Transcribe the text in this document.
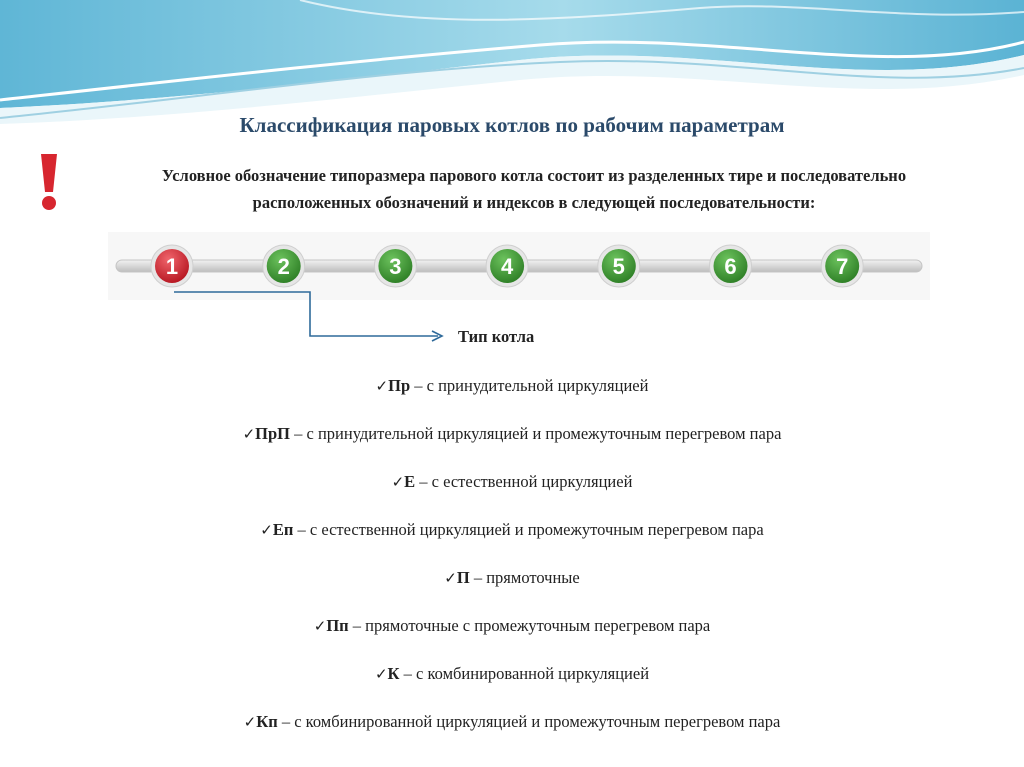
Классификация паровых котлов по рабочим параметрам
Условное обозначение типоразмера парового котла состоит из разделенных тире и последовательно
расположенных обозначений и индексов в следующей последовательности:
1	2	3	4	5	6	7
Тип котла
✓Пр – с принудительной циркуляцией
✓ПрП – с принудительной циркуляцией и промежуточным перегревом пара
✓Е – с естественной циркуляцией
✓Еп – с естественной циркуляцией и промежуточным перегревом пара
✓П – прямоточные
✓Пп – прямоточные с промежуточным перегревом пара
✓К – с комбинированной циркуляцией
✓Кп – с комбинированной циркуляцией и промежуточным перегревом пара
